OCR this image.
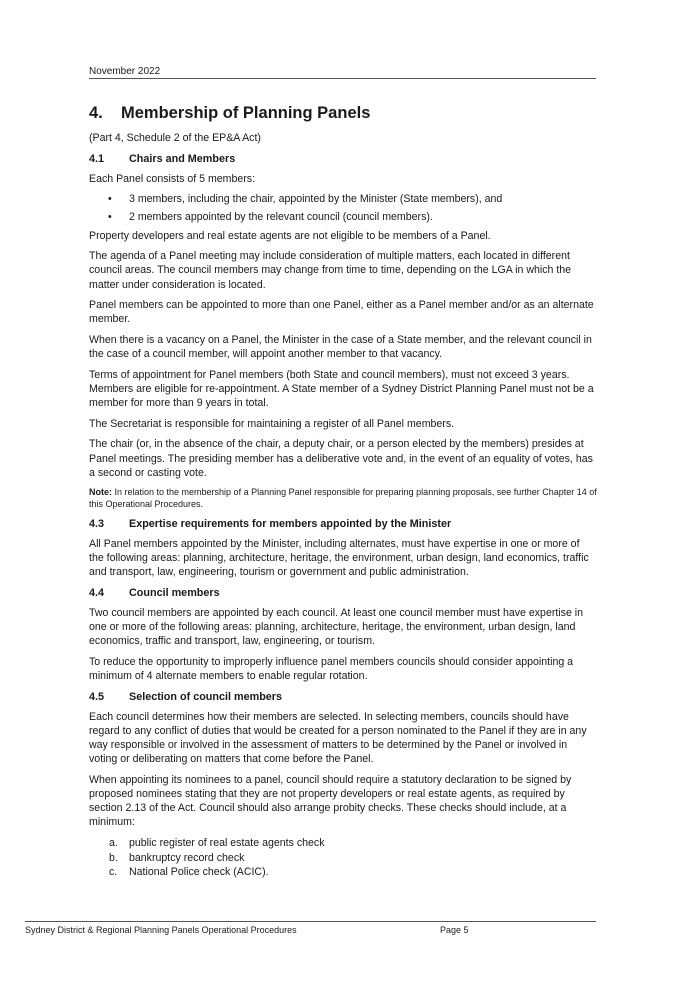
November 2022
4.	Membership of Planning Panels

(Part 4, Schedule 2 of the EP&A Act)

4.1	Chairs and Members

Each Panel consists of 5 members:

• 3 members, including the chair, appointed by the Minister (State members), and
• 2 members appointed by the relevant council (council members).

Property developers and real estate agents are not eligible to be members of a Panel.

The agenda of a Panel meeting may include consideration of multiple matters, each located in different council areas. The council members may change from time to time, depending on the LGA in which the matter under consideration is located.

Panel members can be appointed to more than one Panel, either as a Panel member and/or as an alternate member.

When there is a vacancy on a Panel, the Minister in the case of a State member, and the relevant council in the case of a council member, will appoint another member to that vacancy.

Terms of appointment for Panel members (both State and council members), must not exceed 3 years. Members are eligible for re-appointment. A State member of a Sydney District Planning Panel must not be a member for more than 9 years in total.

The Secretariat is responsible for maintaining a register of all Panel members.

The chair (or, in the absence of the chair, a deputy chair, or a person elected by the members) presides at Panel meetings. The presiding member has a deliberative vote and, in the event of an equality of votes, has a second or casting vote.

Note: In relation to the membership of a Planning Panel responsible for preparing planning proposals, see further Chapter 14 of this Operational Procedures.

4.3	Expertise requirements for members appointed by the Minister

All Panel members appointed by the Minister, including alternates, must have expertise in one or more of the following areas: planning, architecture, heritage, the environment, urban design, land economics, traffic and transport, law, engineering, tourism or government and public administration.

4.4	Council members

Two council members are appointed by each council. At least one council member must have expertise in one or more of the following areas: planning, architecture, heritage, the environment, urban design, land economics, traffic and transport, law, engineering, or tourism.

To reduce the opportunity to improperly influence panel members councils should consider appointing a minimum of 4 alternate members to enable regular rotation.

4.5	Selection of council members

Each council determines how their members are selected. In selecting members, councils should have regard to any conflict of duties that would be created for a person nominated to the Panel if they are in any way responsible or involved in the assessment of matters to be determined by the Panel or involved in voting or deliberating on matters that come before the Panel.

When appointing its nominees to a panel, council should require a statutory declaration to be signed by proposed nominees stating that they are not property developers or real estate agents, as required by section 2.13 of the Act. Council should also arrange probity checks. These checks should include, at a minimum:

a.	public register of real estate agents check
b.	bankruptcy record check
c.	National Police check (ACIC).
Sydney District & Regional Planning Panels Operational Procedures	Page 5
